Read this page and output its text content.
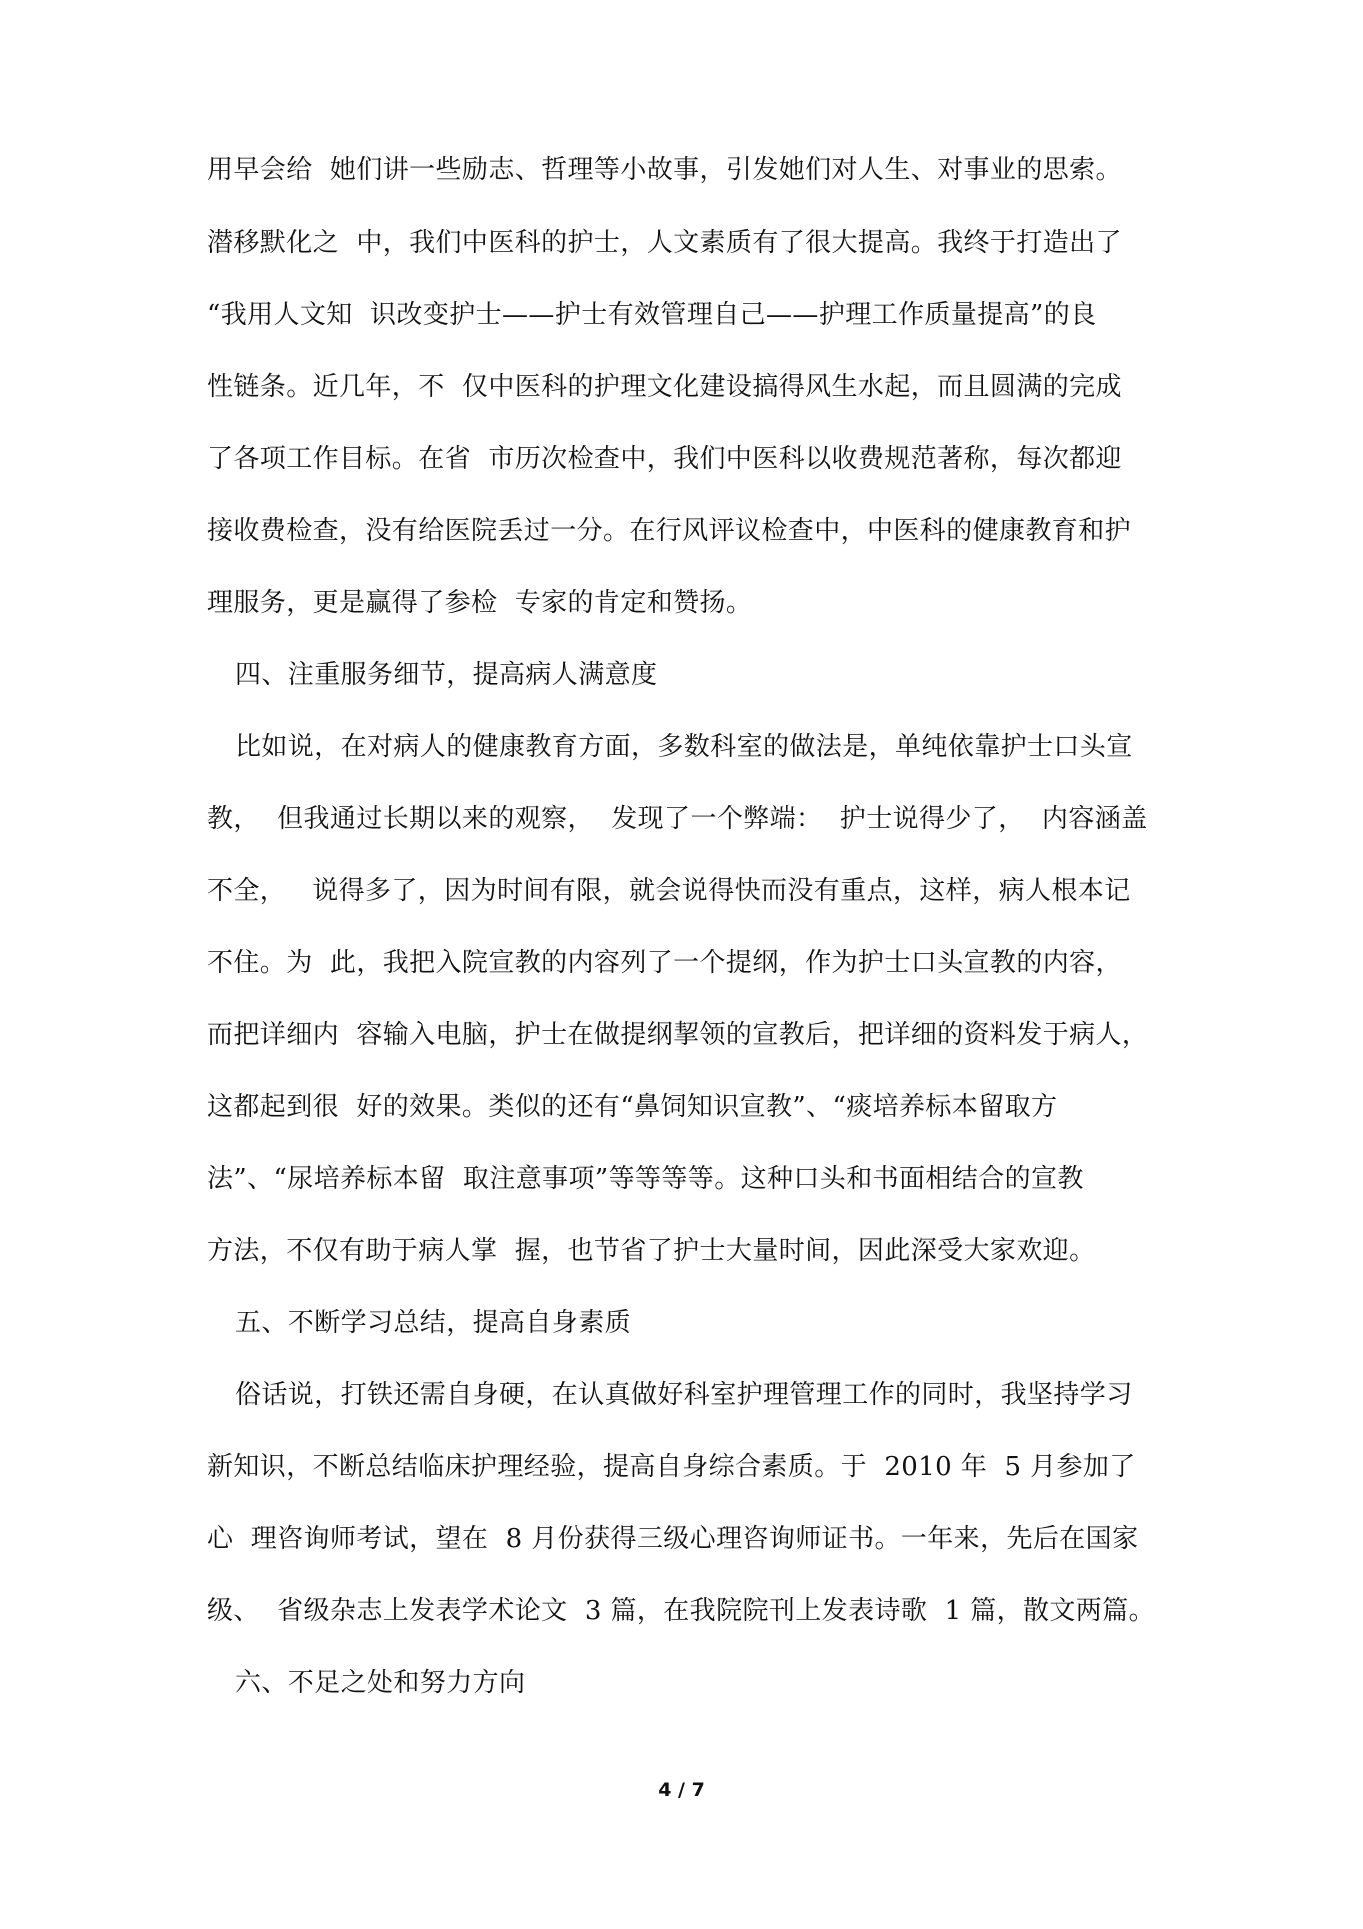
用早会给  她们讲一些励志、哲理等小故事，引发她们对人生、对事业的思索。
潜移默化之  中，我们中医科的护士，人文素质有了很大提高。我终于打造出了
“我用人文知  识改变护士——护士有效管理自己——护理工作质量提高”的良
性链条。近几年，不  仅中医科的护理文化建设搞得风生水起，而且圆满的完成
了各项工作目标。在省  市历次检查中，我们中医科以收费规范著称，每次都迎
接收费检查，没有给医院丢过一分。在行风评议检查中，中医科的健康教育和护
理服务，更是赢得了参检  专家的肯定和赞扬。
四、注重服务细节，提高病人满意度
比如说，在对病人的健康教育方面，多数科室的做法是，单纯依靠护士口头宣
教，  但我通过长期以来的观察，  发现了一个弊端：  护士说得少了，  内容涵盖
不全，   说得多了，因为时间有限，就会说得快而没有重点，这样，病人根本记
不住。为  此，我把入院宣教的内容列了一个提纲，作为护士口头宣教的内容，
而把详细内  容输入电脑，护士在做提纲挈领的宣教后，把详细的资料发于病人，
这都起到很  好的效果。类似的还有“鼻饲知识宣教”、“痰培养标本留取方
法”、“尿培养标本留  取注意事项”等等等等。这种口头和书面相结合的宣教
方法，不仅有助于病人掌  握，也节省了护士大量时间，因此深受大家欢迎。
五、不断学习总结，提高自身素质
俗话说，打铁还需自身硬，在认真做好科室护理管理工作的同时，我坚持学习
新知识，不断总结临床护理经验，提高自身综合素质。于  2010 年  5 月参加了
心  理咨询师考试，望在  8 月份获得三级心理咨询师证书。一年来，先后在国家
级、  省级杂志上发表学术论文  3 篇，在我院院刊上发表诗歌  1 篇，散文两篇。
六、不足之处和努力方向
4 / 7
